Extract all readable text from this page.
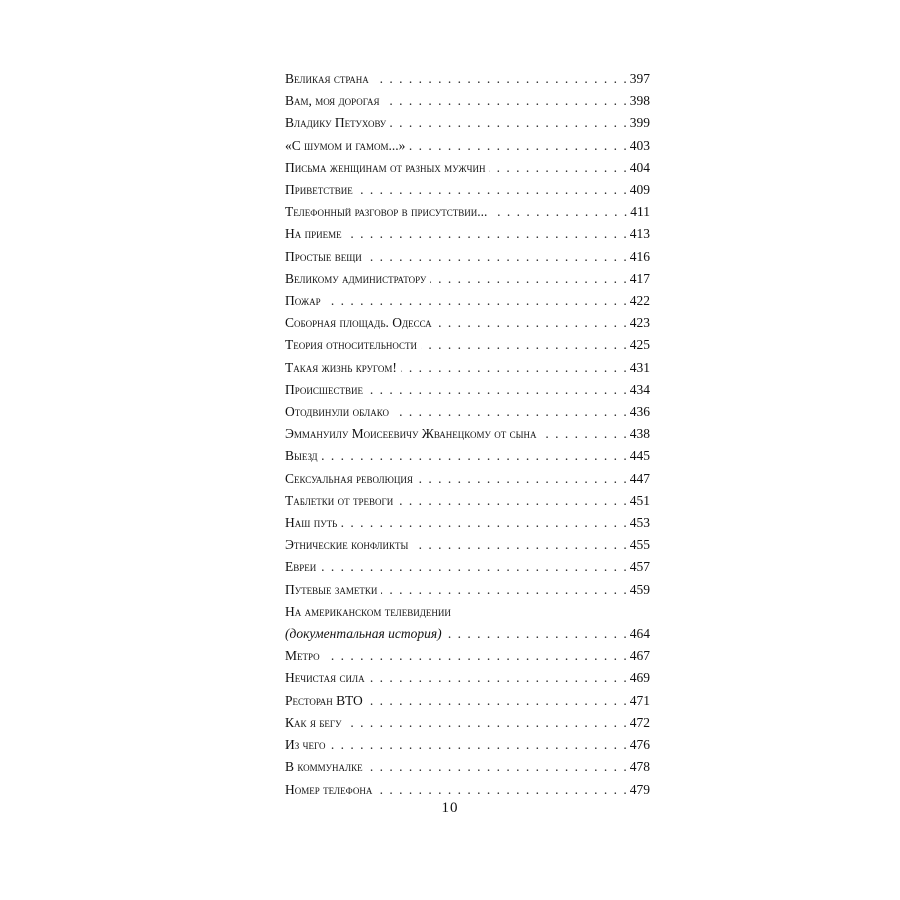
Великая страна . . .	397
Вам, моя дорогая . . .	398
Владику Петухову . . .	399
«С шумом и гамом...» . . .	403
Письма женщинам от разных мужчин . . .	404
Приветствие . . .	409
Телефонный разговор в присутствии... . . .	411
На приеме . . .	413
Простые вещи . . .	416
Великому администратору . . .	417
Пожар . . .	422
Соборная площадь. Одесса . . .	423
Теория относительности . . .	425
Такая жизнь кругом! . . .	431
Происшествие . . .	434
Отодвинули облако . . .	436
Эммануилу Моисеевичу Жванецкому от сына . . .	438
Выезд . . .	445
Сексуальная революция . . .	447
Таблетки от тревоги . . .	451
Наш путь . . .	453
Этнические конфликты . . .	455
Евреи . . .	457
Путевые заметки . . .	459
На американском телевидении
(документальная история) . . .	464
Метро . . .	467
Нечистая сила . . .	469
Ресторан ВТО . . .	471
Как я бегу . . .	472
Из чего . . .	476
В коммуналке . . .	478
Номер телефона . . .	479
10
